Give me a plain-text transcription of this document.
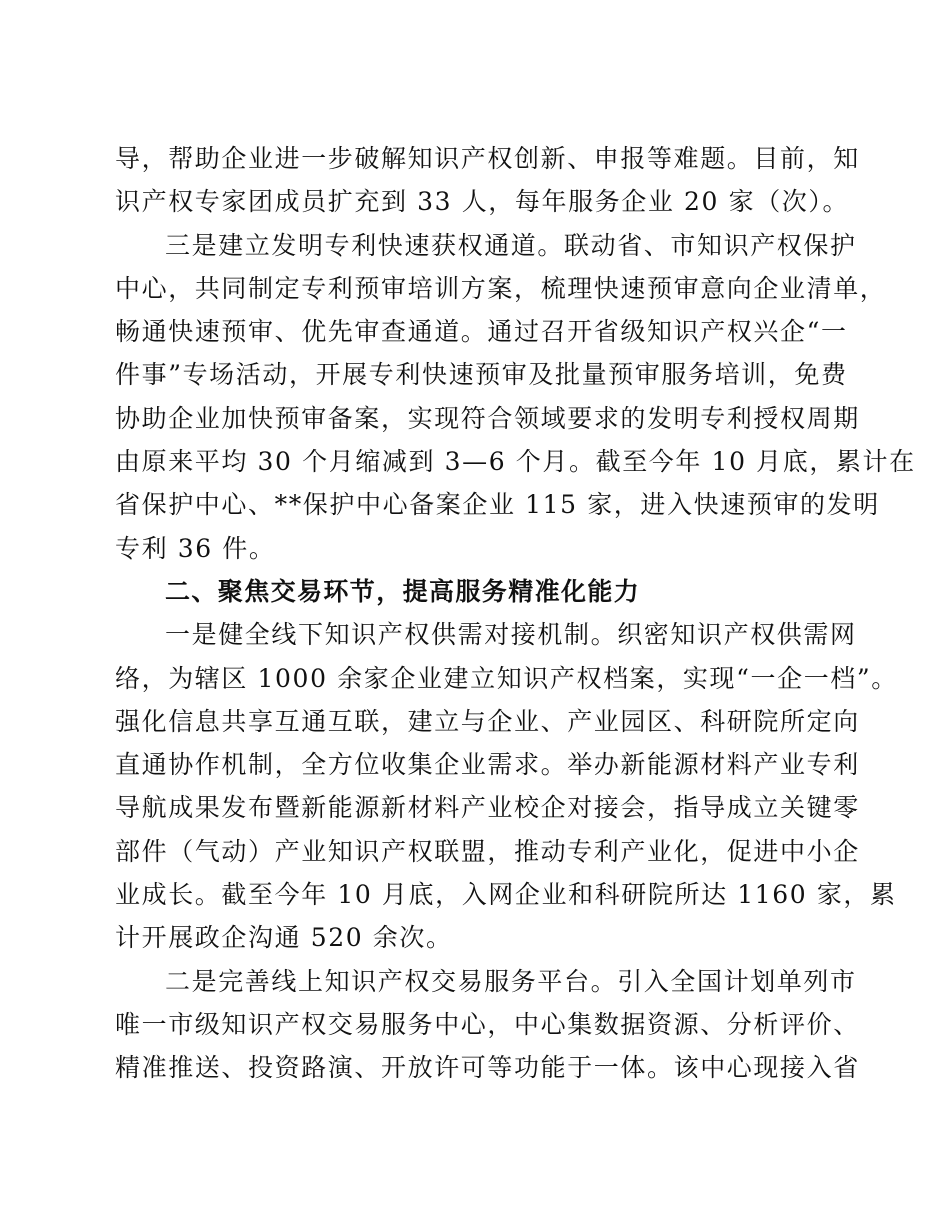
导，帮助企业进一步破解知识产权创新、申报等难题。目前，知
识产权专家团成员扩充到 33 人，每年服务企业 20 家（次）。
三是建立发明专利快速获权通道。联动省、市知识产权保护
中心，共同制定专利预审培训方案，梳理快速预审意向企业清单，
畅通快速预审、优先审查通道。通过召开省级知识产权兴企“一
件事”专场活动，开展专利快速预审及批量预审服务培训，免费
协助企业加快预审备案，实现符合领域要求的发明专利授权周期
由原来平均 30 个月缩减到 3—6 个月。截至今年 10 月底，累计在
省保护中心、**保护中心备案企业 115 家，进入快速预审的发明
专利 36 件。
二、聚焦交易环节，提高服务精准化能力
一是健全线下知识产权供需对接机制。织密知识产权供需网
络，为辖区 1000 余家企业建立知识产权档案，实现“一企一档”。
强化信息共享互通互联，建立与企业、产业园区、科研院所定向
直通协作机制，全方位收集企业需求。举办新能源材料产业专利
导航成果发布暨新能源新材料产业校企对接会，指导成立关键零
部件（气动）产业知识产权联盟，推动专利产业化，促进中小企
业成长。截至今年 10 月底，入网企业和科研院所达 1160 家，累
计开展政企沟通 520 余次。
二是完善线上知识产权交易服务平台。引入全国计划单列市
唯一市级知识产权交易服务中心，中心集数据资源、分析评价、
精准推送、投资路演、开放许可等功能于一体。该中心现接入省
